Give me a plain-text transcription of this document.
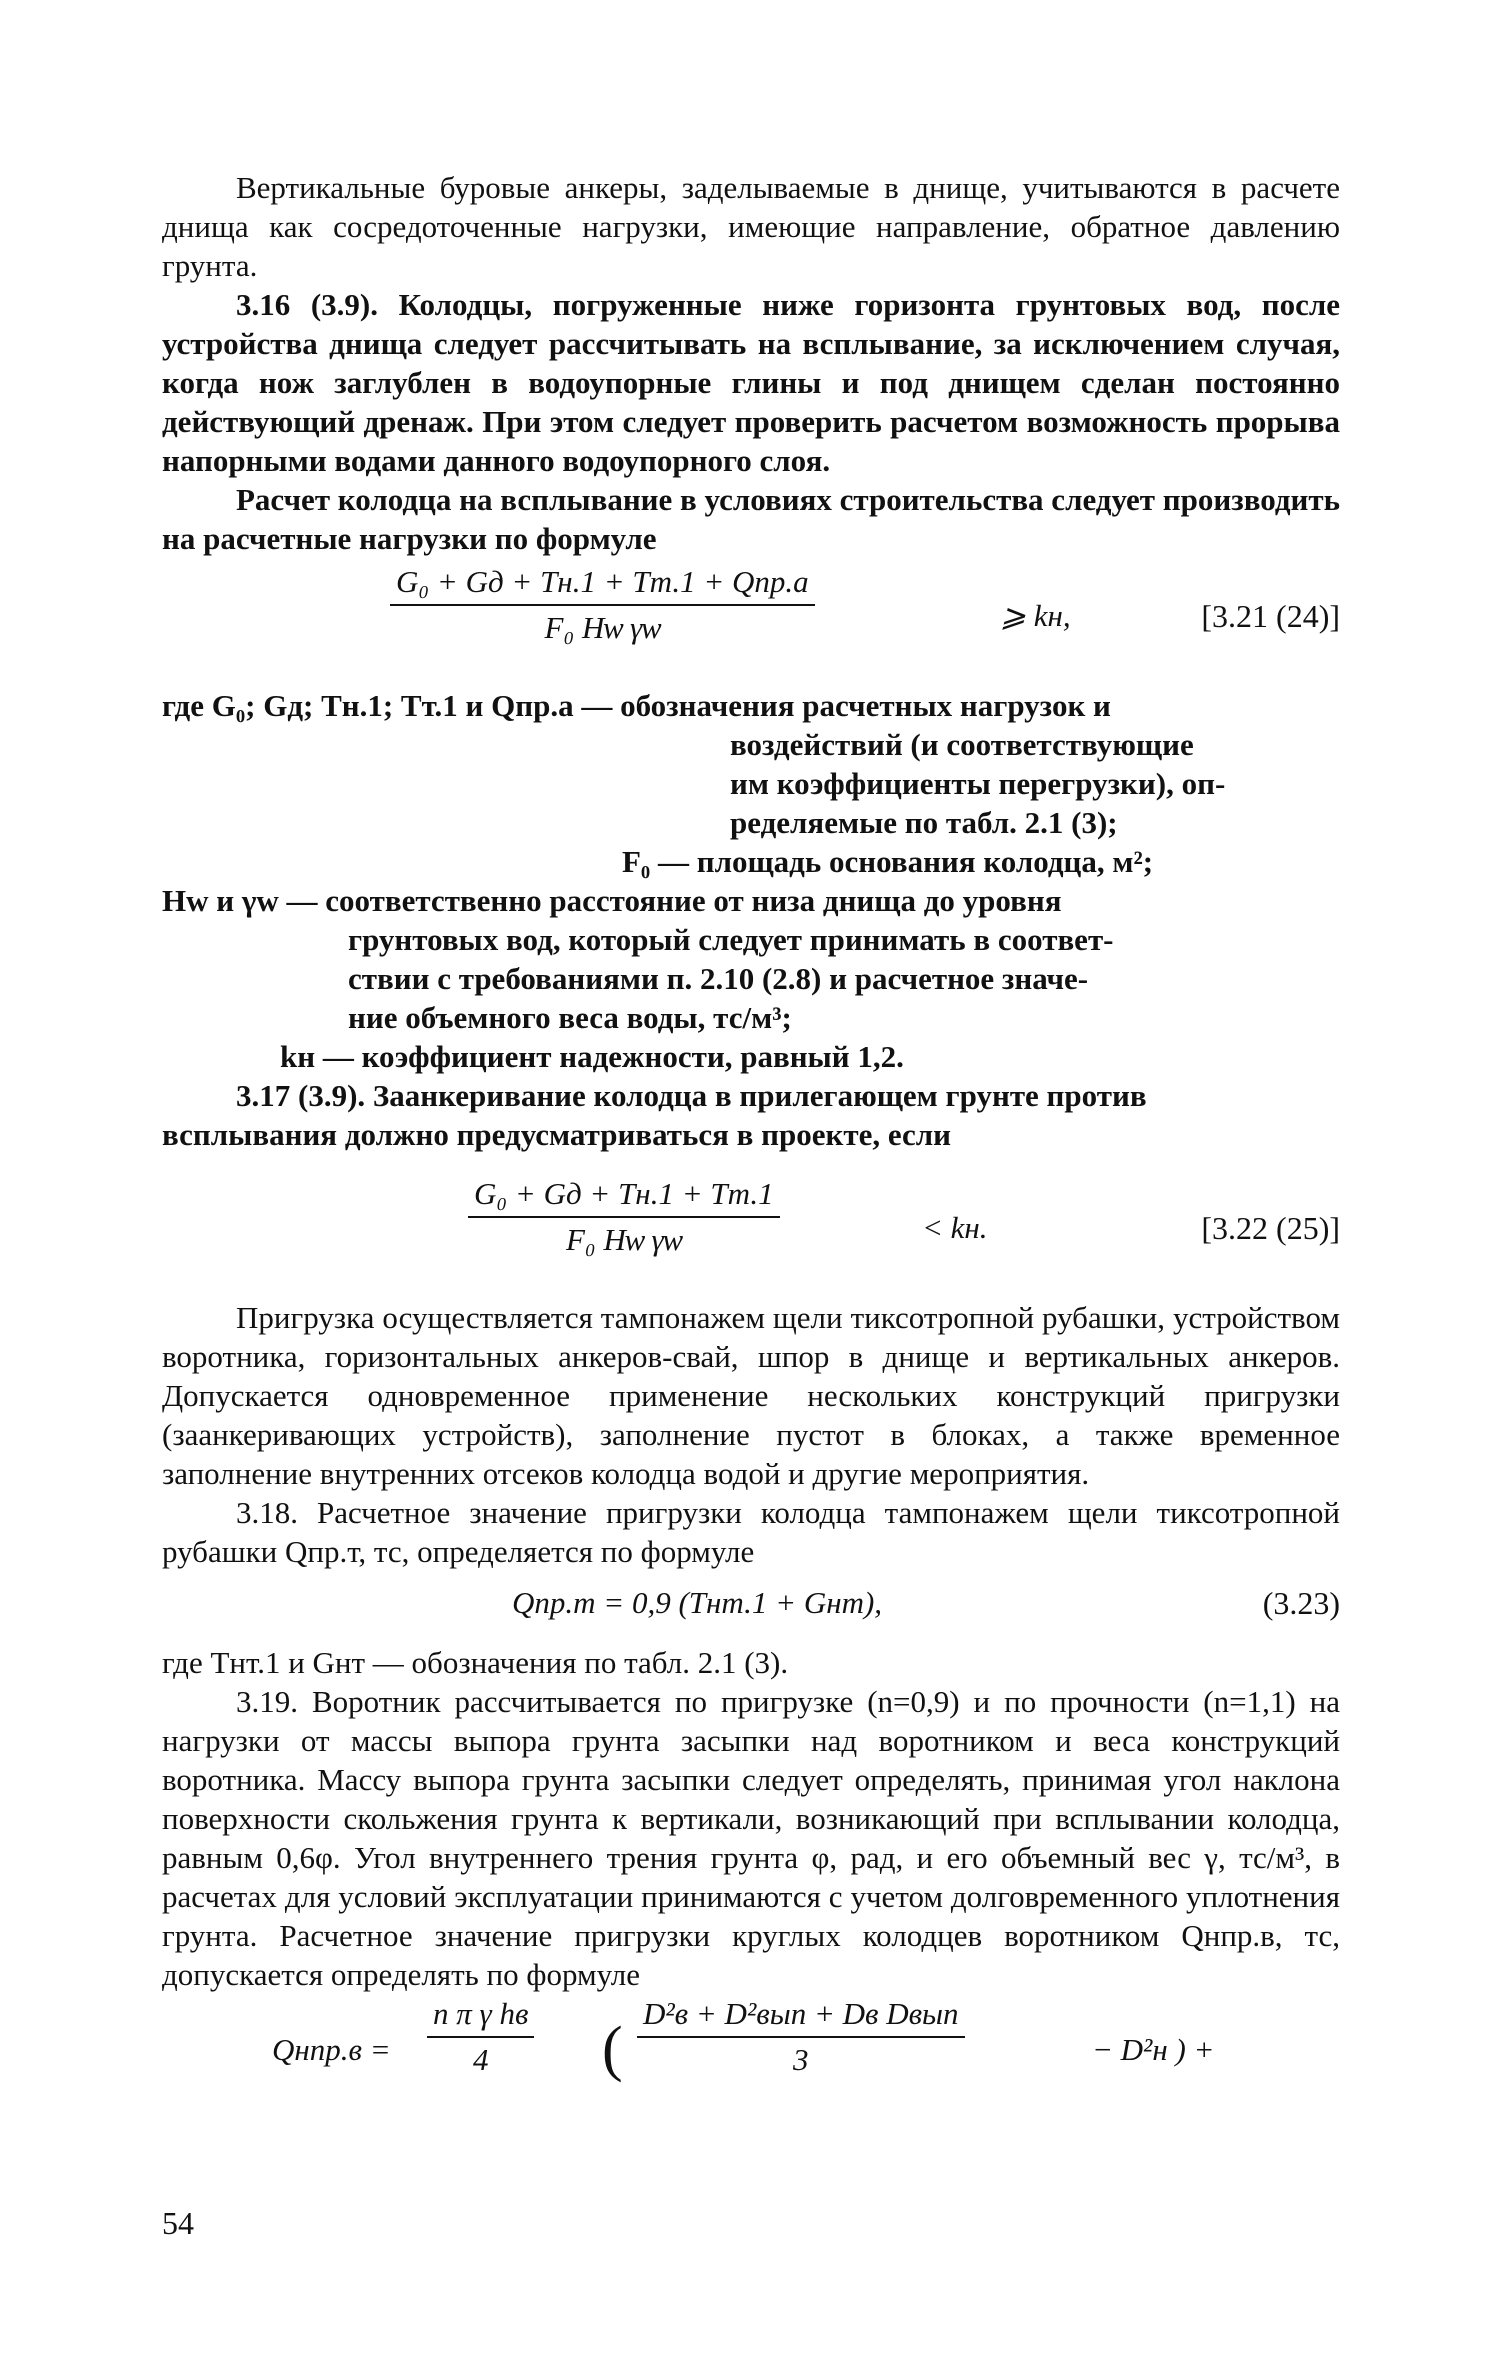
Вертикальные буровые анкеры, заделываемые в днище, учитываются в расчете днища как сосредоточенные нагрузки, имеющие направление, обратное давлению грунта.

3.16 (3.9). Колодцы, погруженные ниже горизонта грунтовых вод, после устройства днища следует рассчитывать на всплывание, за исключением случая, когда нож заглублен в водоупорные глины и под днищем сделан постоянно действующий дренаж. При этом следует проверить расчетом возможность прорыва напорными водами данного водоупорного слоя.

Расчет колодца на всплывание в условиях строительства следует производить на расчетные нагрузки по формуле

G₀ + Gд + Tн.1 + Tт.1 + Qпр.а
F₀ Hᴡ γᴡ	⩾ kн,	[3.21 (24)]
где G₀; Gд; Tн.1; Tт.1 и Qпр.а — обозначения расчетных нагрузок и
воздействий (и соответствующие
им коэффициенты перегрузки), оп-
ределяемые по табл. 2.1 (3);
F₀ — площадь основания колодца, м²;
Hᴡ и γᴡ — соответственно расстояние от низа днища до уровня
грунтовых вод, который следует принимать в соответ-
ствии с требованиями п. 2.10 (2.8) и расчетное значе-
ние объемного веса воды, тс/м³;
kн — коэффициент надежности, равный 1,2.
3.17 (3.9). Заанкеривание колодца в прилегающем грунте против
всплывания должно предусматриваться в проекте, если
G₀ + Gд + Tн.1 + Tт.1
F₀ Hᴡ γᴡ	< kн.	[3.22 (25)]

Пригрузка осуществляется тампонажем щели тиксотропной рубашки, устройством воротника, горизонтальных анкеров-свай, шпор в днище и вертикальных анкеров. Допускается одновременное применение нескольких конструкций пригрузки (заанкеривающих устройств), заполнение пустот в блоках, а также временное заполнение внутренних отсеков колодца водой и другие мероприятия.

3.18. Расчетное значение пригрузки колодца тампонажем щели тиксотропной рубашки Qпр.т, тс, определяется по формуле

Qпр.т = 0,9 (Tнт.1 + Gнт),	(3.23)

где Tнт.1 и Gнт — обозначения по табл. 2.1 (3).

3.19. Воротник рассчитывается по пригрузке (n=0,9) и по прочности (n=1,1) на нагрузки от массы выпора грунта засыпки над воротником и веса конструкций воротника. Массу выпора грунта засыпки следует определять, принимая угол наклона поверхности скольжения грунта к вертикали, возникающий при всплывании колодца, равным 0,6φ. Угол внутреннего трения грунта φ, рад, и его объемный вес γ, тс/м³, в расчетах для условий эксплуатации принимаются с учетом долговременного уплотнения грунта. Расчетное значение пригрузки круглых колодцев воротником Qнпр.в, тс, допускается определять по формуле

Qнпр.в =
n π γ hв
4	(
D²в + D²вып + Dв Dвып
3	− D²н ) +
54
